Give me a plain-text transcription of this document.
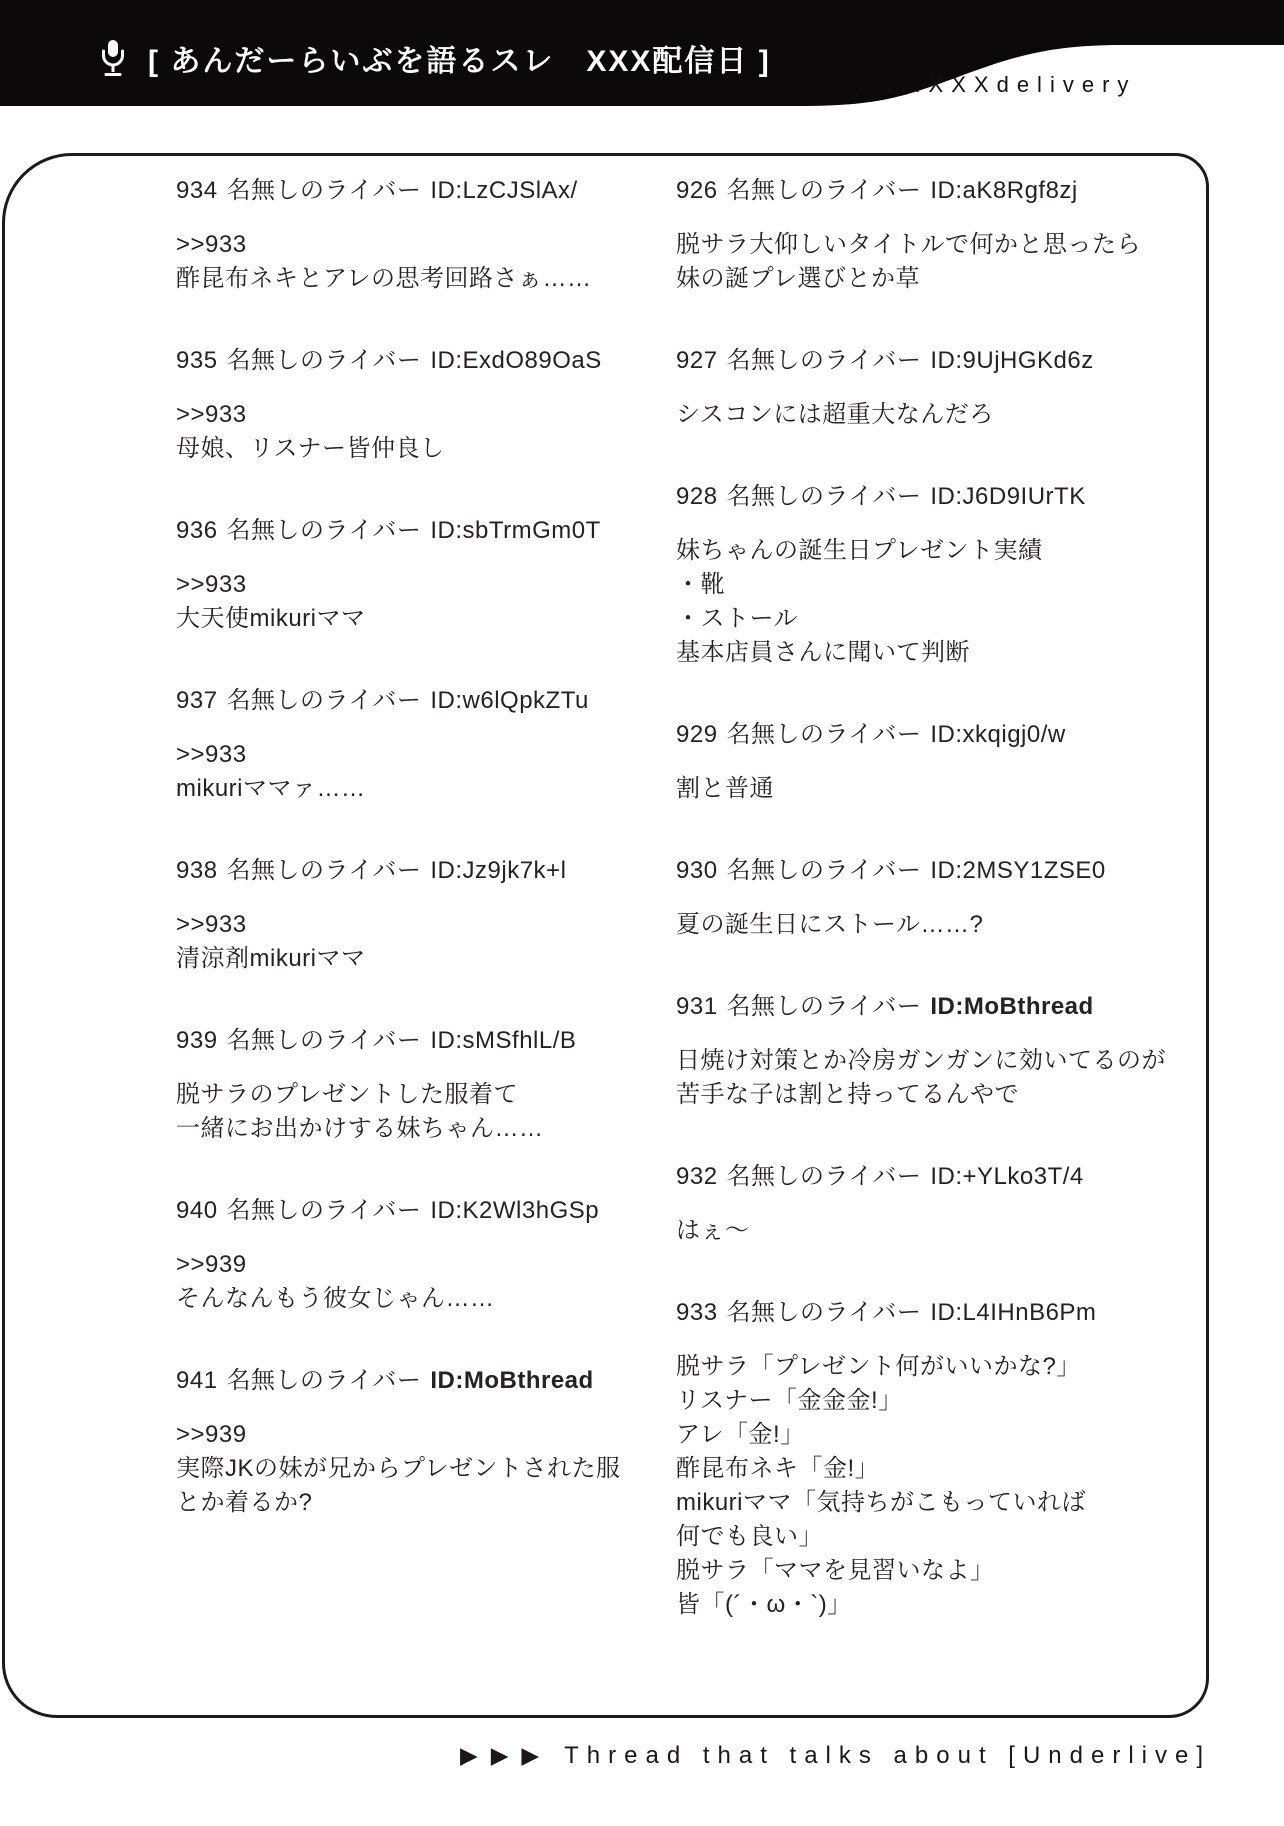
[ あんだーらいぶを語るスレ　XXX配信日 ]
.....XXXdelivery
934 名無しのライバー ID:LzCJSlAx/
>>933
酢昆布ネキとアレの思考回路さぁ……
935 名無しのライバー ID:ExdO89OaS
>>933
母娘、リスナー皆仲良し
936 名無しのライバー ID:sbTrmGm0T
>>933
大天使mikuriママ
937 名無しのライバー ID:w6lQpkZTu
>>933
mikuriママァ……
938 名無しのライバー ID:Jz9jk7k+l
>>933
清涼剤mikuriママ
939 名無しのライバー ID:sMSfhlL/B
脱サラのプレゼントした服着て
一緒にお出かけする妹ちゃん……
940 名無しのライバー ID:K2Wl3hGSp
>>939
そんなんもう彼女じゃん……
941 名無しのライバー ID:MoBthread
>>939
実際JKの妹が兄からプレゼントされた服
とか着るか?
926 名無しのライバー ID:aK8Rgf8zj
脱サラ大仰しいタイトルで何かと思ったら
妹の誕プレ選びとか草
927 名無しのライバー ID:9UjHGKd6z
シスコンには超重大なんだろ
928 名無しのライバー ID:J6D9IUrTK
妹ちゃんの誕生日プレゼント実績
・靴
・ストール
基本店員さんに聞いて判断
929 名無しのライバー ID:xkqigj0/w
割と普通
930 名無しのライバー ID:2MSY1ZSE0
夏の誕生日にストール……?
931 名無しのライバー ID:MoBthread
日焼け対策とか冷房ガンガンに効いてるのが
苦手な子は割と持ってるんやで
932 名無しのライバー ID:+YLko3T/4
はぇ〜
933 名無しのライバー ID:L4IHnB6Pm
脱サラ「プレゼント何がいいかな?」
リスナー「金金金!」
アレ「金!」
酢昆布ネキ「金!」
mikuriママ「気持ちがこもっていれば
何でも良い」
脱サラ「ママを見習いなよ」
皆「(´・ω・`)」
▶▶▶ Thread that talks about [Underlive]
